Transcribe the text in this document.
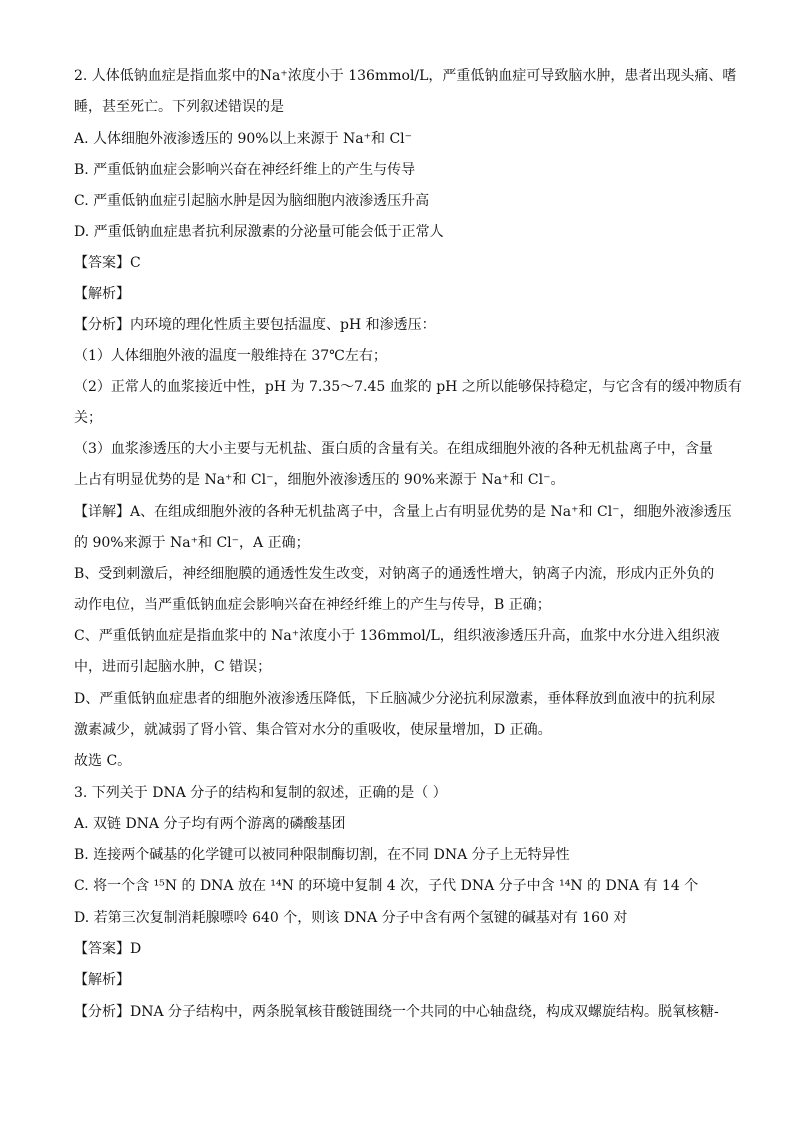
2. 人体低钠血症是指血浆中的Na⁺浓度小于 136mmol/L，严重低钠血症可导致脑水肿，患者出现头痛、嗜
睡，甚至死亡。下列叙述错误的是
A. 人体细胞外液渗透压的 90%以上来源于 Na⁺和 Cl⁻
B. 严重低钠血症会影响兴奋在神经纤维上的产生与传导
C. 严重低钠血症引起脑水肿是因为脑细胞内液渗透压升高
D. 严重低钠血症患者抗利尿激素的分泌量可能会低于正常人
【答案】C
【解析】
【分析】内环境的理化性质主要包括温度、pH 和渗透压：
（1）人体细胞外液的温度一般维持在 37℃左右；
（2）正常人的血浆接近中性，pH 为 7.35～7.45 血浆的 pH 之所以能够保持稳定，与它含有的缓冲物质有
关；
（3）血浆渗透压的大小主要与无机盐、蛋白质的含量有关。在组成细胞外液的各种无机盐离子中，含量
上占有明显优势的是 Na⁺和 Cl⁻，细胞外液渗透压的 90%来源于 Na⁺和 Cl⁻。
【详解】A、在组成细胞外液的各种无机盐离子中，含量上占有明显优势的是 Na⁺和 Cl⁻，细胞外液渗透压
的 90%来源于 Na⁺和 Cl⁻，A 正确；
B、受到刺激后，神经细胞膜的通透性发生改变，对钠离子的通透性增大，钠离子内流，形成内正外负的
动作电位，当严重低钠血症会影响兴奋在神经纤维上的产生与传导，B 正确；
C、严重低钠血症是指血浆中的 Na⁺浓度小于 136mmol/L，组织液渗透压升高，血浆中水分进入组织液
中，进而引起脑水肿，C 错误；
D、严重低钠血症患者的细胞外液渗透压降低，下丘脑减少分泌抗利尿激素，垂体释放到血液中的抗利尿
激素减少，就减弱了肾小管、集合管对水分的重吸收，使尿量增加，D 正确。
故选 C。
3. 下列关于 DNA 分子的结构和复制的叙述，正确的是（ ）
A. 双链 DNA 分子均有两个游离的磷酸基团
B. 连接两个碱基的化学键可以被同种限制酶切割，在不同 DNA 分子上无特异性
C. 将一个含 ¹⁵N 的 DNA 放在 ¹⁴N 的环境中复制 4 次，子代 DNA 分子中含 ¹⁴N 的 DNA 有 14 个
D. 若第三次复制消耗腺嘌呤 640 个，则该 DNA 分子中含有两个氢键的碱基对有 160 对
【答案】D
【解析】
【分析】DNA 分子结构中，两条脱氧核苷酸链围绕一个共同的中心轴盘绕，构成双螺旋结构。脱氧核糖-
